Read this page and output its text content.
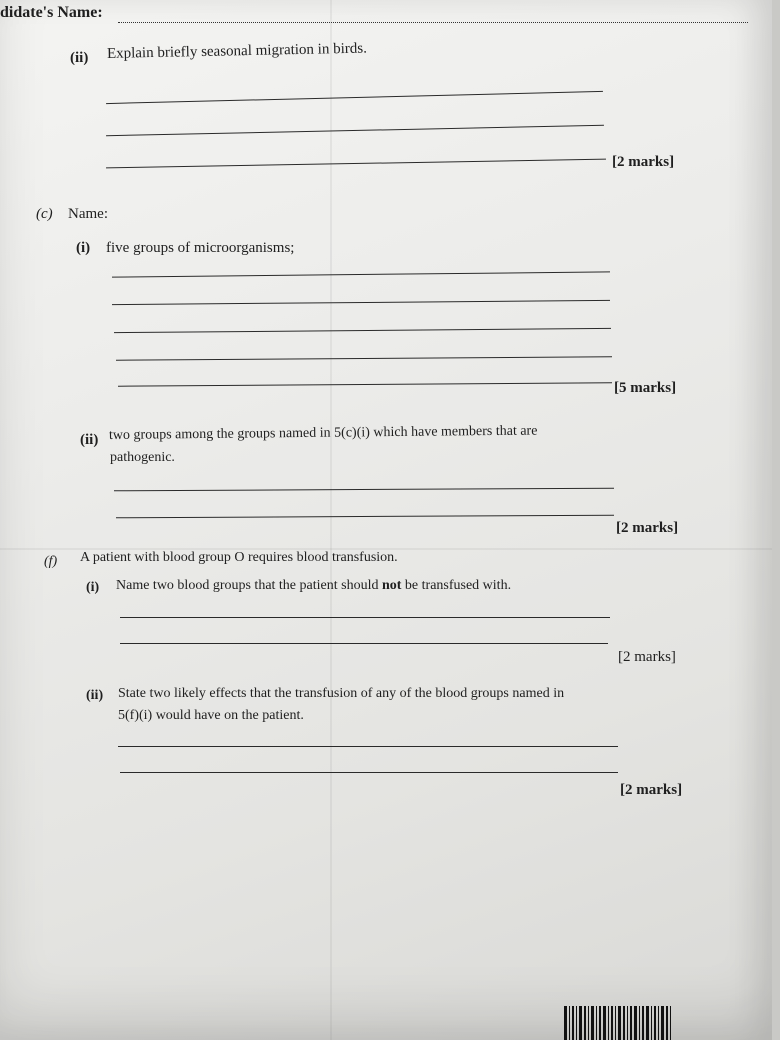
didate's Name:
(ii) Explain briefly seasonal migration in birds.
[2 marks]
(c) Name:
(i) five groups of microorganisms;
[5 marks]
(ii) two groups among the groups named in 5(c)(i) which have members that are
pathogenic.
[2 marks]
(f) A patient with blood group O requires blood transfusion.
(i) Name two blood groups that the patient should not be transfused with.
[2 marks]
(ii) State two likely effects that the transfusion of any of the blood groups named in
5(f)(i) would have on the patient.
[2 marks]
